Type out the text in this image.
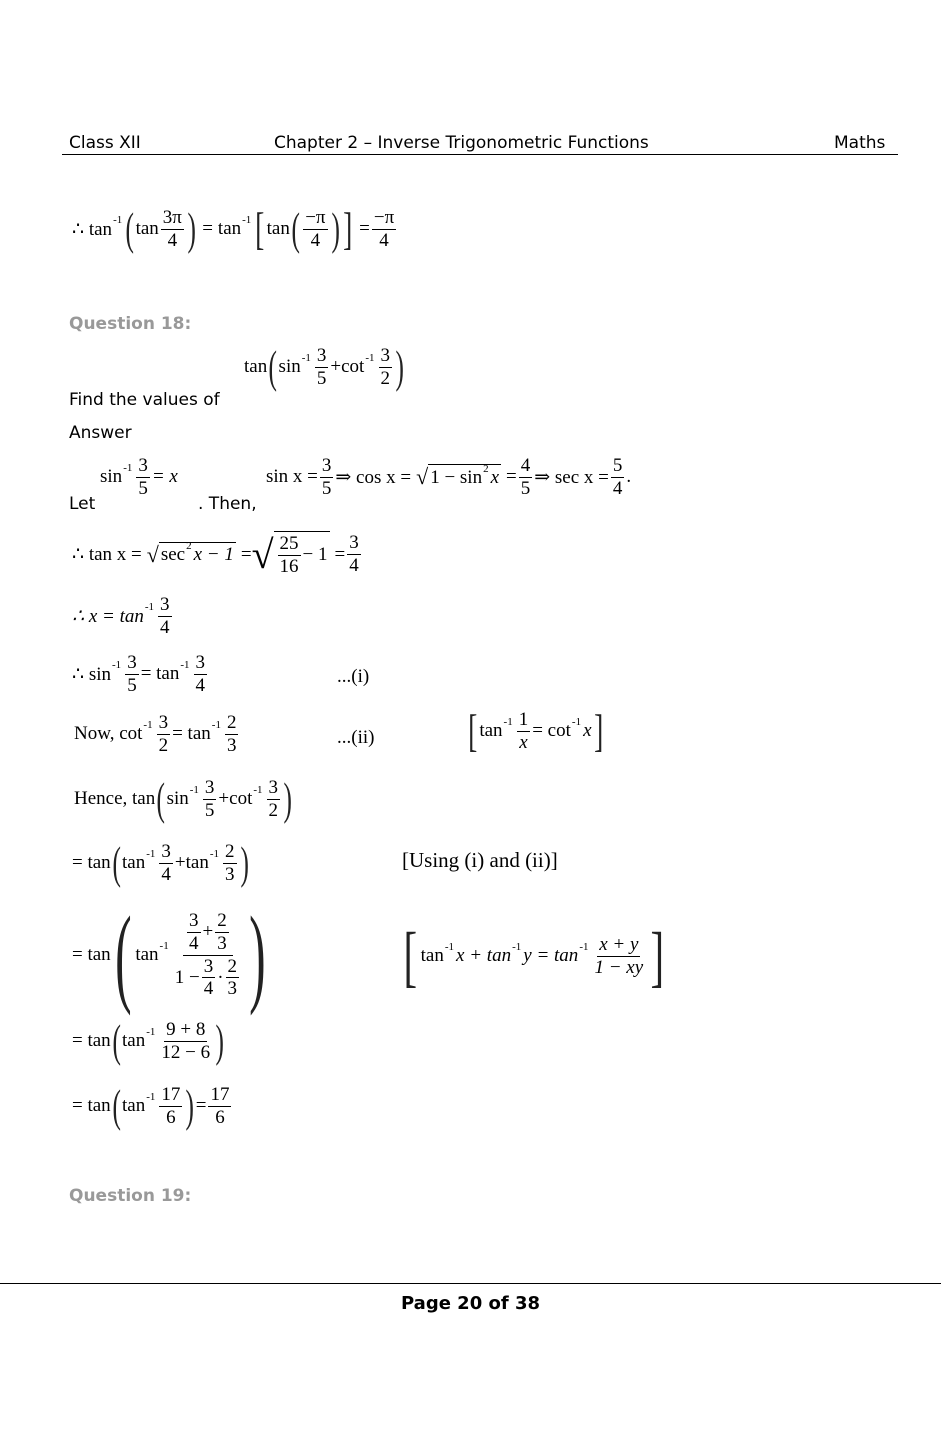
Class XII	Chapter 2 – Inverse Trigonometric Functions	Maths
∴ $\tan^{-1}$ ( $\tan \frac{3\pi}{4}$ ) = $\tan^{-1}$ [ tan ( $\frac{-\pi}{4}$ ) ] = $\frac{-\pi}{4}$
Question 18:
tan ( $\sin^{-1} \frac{3}{5} + \cot^{-1} \frac{3}{2}$ )
Find the values of
Answer
Let
$\sin^{-1} \frac{3}{5} = x$
. Then,
$\sin x = \frac{3}{5}$ ⇒ cos x = √ $1 - \sin^2 x = \frac{4}{5}$ ⇒ $\sec x = \frac{5}{4}$ .
∴ tan x = √ $\sec^2 x - 1$ = √ $\frac{25}{16} - 1 = \frac{3}{4}$
∴ $x = \tan^{-1} \frac{3}{4}$
∴ $\sin^{-1} \frac{3}{5} = \tan^{-1} \frac{3}{4}$	...(i)
Now, $\cot^{-1} \frac{3}{2} = \tan^{-1} \frac{2}{3}$	...(ii) [ $\tan^{-1} \frac{1}{x} = \cot^{-1} x$ ]
Hence, tan ( $\sin^{-1} \frac{3}{5} + \cot^{-1} \frac{3}{2}$ )
= tan ( $\tan^{-1} \frac{3}{4} + \tan^{-1} \frac{2}{3}$ )	[ Using (i) and (ii) ]
= tan ( $\tan^{-1} \frac{\frac{3}{4} + \frac{2}{3}}{1 - \frac{3}{4} \cdot \frac{2}{3}}$ ) [ $\tan^{-1} x + \tan^{-1} y = \tan^{-1} \frac{x + y}{1 - xy}$ ]
= tan ( $\tan^{-1} \frac{9 + 8}{12 - 6}$ )
= tan ( $\tan^{-1} \frac{17}{6}$ ) = $\frac{17}{6}$
Question 19:
Page 20 of 38
